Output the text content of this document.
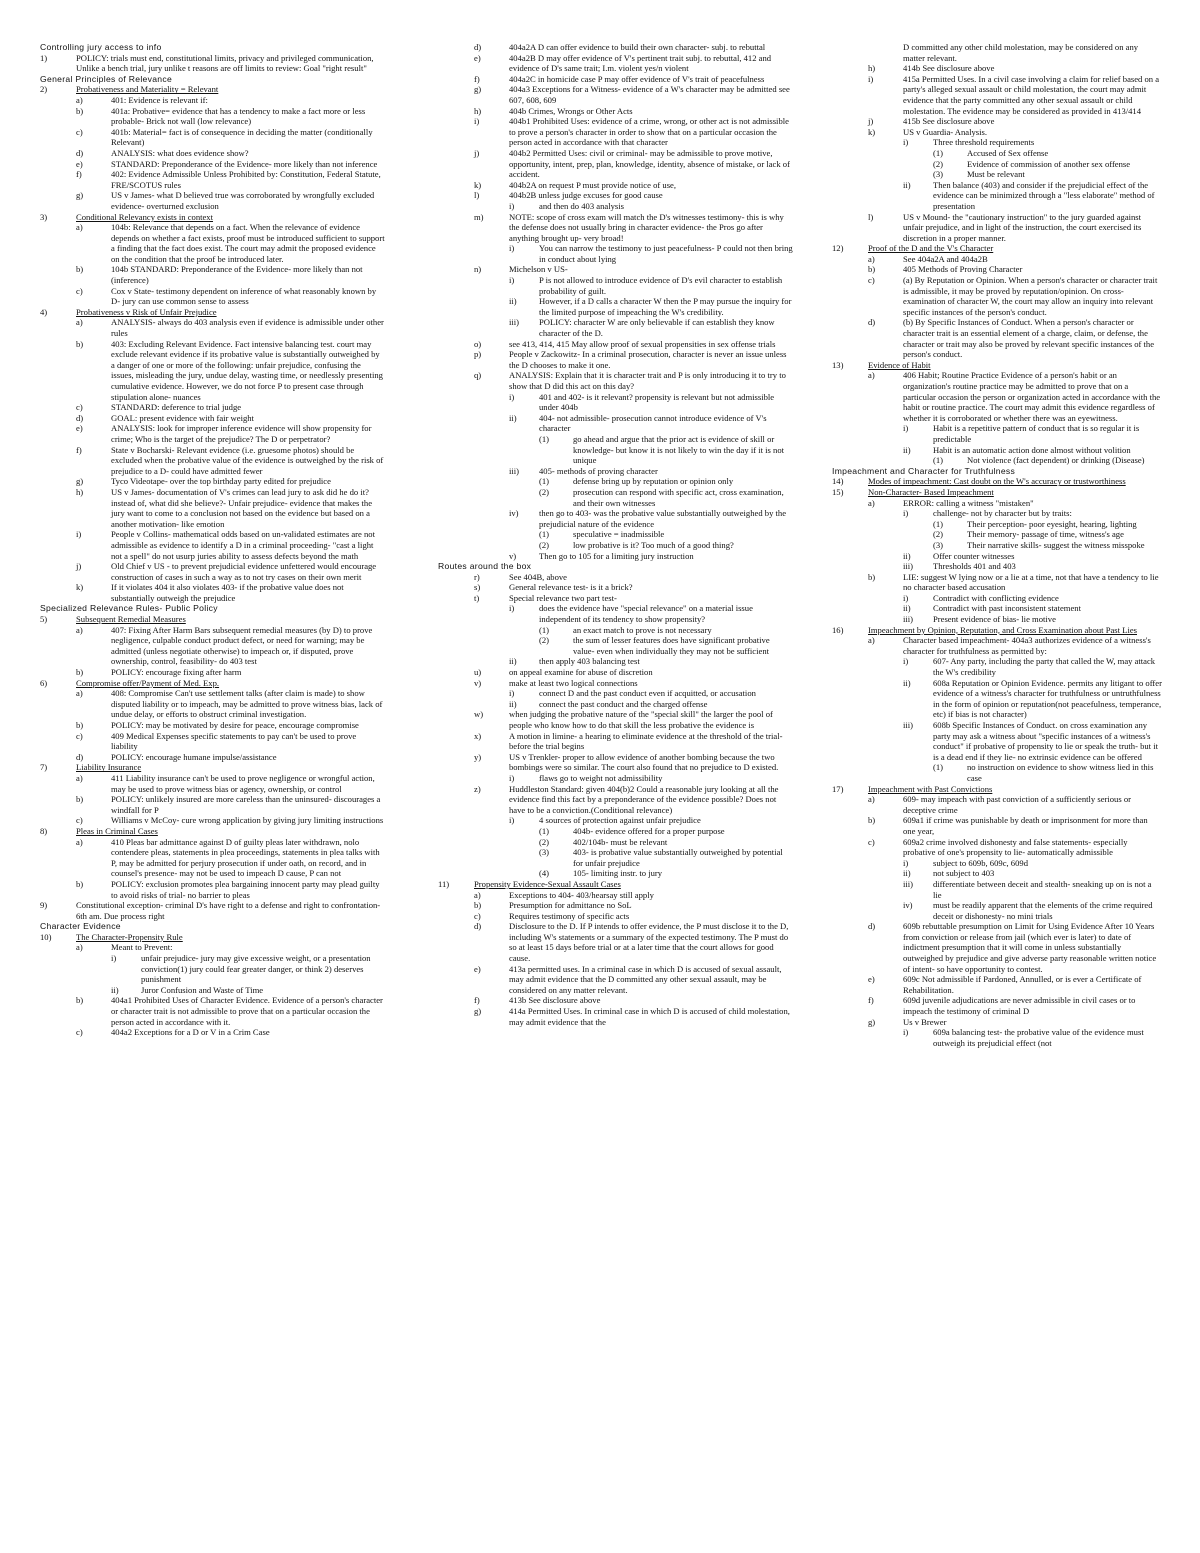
Controlling jury access to info
1)	POLICY: trials must end, constitutional limits, privacy and privileged communication, Unlike a bench trial, jury unlike t reasons are off limits to review: Goal "right result"
General Principles of Relevance
2)	Probativeness and Materiality = Relevant
a)	401: Evidence is relevant if:
b)	401a: Probative= evidence that has a tendency to make a fact more or less probable- Brick not wall (low relevance)
c)	401b: Material= fact is of consequence in deciding the matter (conditionally Relevant)
d)	ANALYSIS: what does evidence show?
e)	STANDARD: Preponderance of the Evidence- more likely than not inference
f)	402: Evidence Admissible Unless Prohibited by: Constitution, Federal Statute, FRE/SCOTUS rules
g)	US v James- what D believed true was corroborated by wrongfully excluded evidence- overturned exclusion
3)	Conditional Relevancy exists in context
a)	104b: Relevance that depends on a fact. When the relevance of evidence depends on whether a fact exists, proof must be introduced sufficient to support a finding that the fact does exist. The court may admit the proposed evidence on the condition that the proof be introduced later.
b)	104b STANDARD: Preponderance of the Evidence- more likely than not (inference)
c)	Cox v State- testimony dependent on inference of what reasonably known by D- jury can use common sense to assess
4)	Probativeness v Risk of Unfair Prejudice
a)	ANALYSIS- always do 403 analysis even if evidence is admissible under other rules
b)	403: Excluding Relevant Evidence. Fact intensive balancing test. court may exclude relevant evidence if its probative value is substantially outweighed by a danger of one or more of the following: unfair prejudice, confusing the issues, misleading the jury, undue delay, wasting time, or needlessly presenting cumulative evidence. However, we do not force P to present case through stipulation alone- nuances
c)	STANDARD: deference to trial judge
d)	GOAL: present evidence with fair weight
e)	ANALYSIS: look for improper inference evidence will show propensity for crime; Who is the target of the prejudice? The D or perpetrator?
f)	State v Bocharski- Relevant evidence (i.e. gruesome photos) should be excluded when the probative value of the evidence is outweighed by the risk of prejudice to a D- could have admitted fewer
g)	Tyco Videotape- over the top birthday party edited for prejudice
h)	US v James- documentation of V's crimes can lead jury to ask did he do it? instead of, what did she believe?- Unfair prejudice- evidence that makes the jury want to come to a conclusion not based on the evidence but based on a another motivation- like emotion
i)	People v Collins- mathematical odds based on un-validated estimates are not admissible as evidence to identify a D in a criminal proceeding- "cast a light not a spell" do not usurp juries ability to assess defects beyond the math
j)	Old Chief v US - to prevent prejudicial evidence unfettered would encourage construction of cases in such a way as to not try cases on their own merit
k)	If it violates 404 it also violates 403- if the probative value does not substantially outweigh the prejudice
Specialized Relevance Rules- Public Policy
5)	Subsequent Remedial Measures
a)	407: Fixing After Harm Bars subsequent remedial measures (by D) to prove negligence, culpable conduct product defect, or need for warning; may be admitted (unless negotiate otherwise) to impeach or, if disputed, prove ownership, control, feasibility- do 403 test
b)	POLICY: encourage fixing after harm
6)	Compromise offer/Payment of Med. Exp.
a)	408: Compromise Can't use settlement talks (after claim is made) to show disputed liability or to impeach, may be admitted to prove witness bias, lack of undue delay, or efforts to obstruct criminal investigation.
b)	POLICY: may be motivated by desire for peace, encourage compromise
c)	409 Medical Expenses specific statements to pay can't be used to prove liability
d)	POLICY: encourage humane impulse/assistance
7)	Liability Insurance
a)	411 Liability insurance can't be used to prove negligence or wrongful action, may be used to prove witness bias or agency, ownership, or control
b)	POLICY: unlikely insured are more careless than the uninsured- discourages a windfall for P
c)	Williams v McCoy- cure wrong application by giving jury limiting instructions
8)	Pleas in Criminal Cases
a)	410 Pleas bar admittance against D of guilty pleas later withdrawn, nolo contendere pleas, statements in plea proceedings, statements in plea talks with P, may be admitted for perjury prosecution if under oath, on record, and in counsel's presence- may not be used to impeach D cause, P can not
b)	POLICY: exclusion promotes plea bargaining innocent party may plead guilty to avoid risks of trial- no barrier to pleas
9)	Constitutional exception- criminal D's have right to a defense and right to confrontation- 6th am. Due process right
Character Evidence
10)	The Character-Propensity Rule
a)	Meant to Prevent:
i)	unfair prejudice- jury may give excessive weight, or a presentation conviction(1) jury could fear greater danger, or think 2) deserves punishment
ii)	Juror Confusion and Waste of Time
b)	404a1 Prohibited Uses of Character Evidence. Evidence of a person's character or character trait is not admissible to prove that on a particular occasion the person acted in accordance with it.
c)	404a2 Exceptions for a D or V in a Crim Case
d)	404a2A D can offer evidence to build their own character- subj. to rebuttal
e)	404a2B D may offer evidence of V's pertinent trait subj. to rebuttal, 412 and evidence of D's same trait; I.m. violent yes/n violent
f)	404a2C in homicide case P may offer evidence of V's trait of peacefulness
g)	404a3 Exceptions for a Witness- evidence of a W's character may be admitted see 607, 608, 609
h)	404b Crimes, Wrongs or Other Acts
i)	404b1 Prohibited Uses: evidence of a crime, wrong, or other act is not admissible to prove a person's character in order to show that on a particular occasion the person acted in accordance with that character
j)	404b2 Permitted Uses: civil or criminal- may be admissible to prove motive, opportunity, intent, prep, plan, knowledge, identity, absence of mistake, or lack of accident.
k)	404b2A on request P must provide notice of use,
l)	404b2B unless judge excuses for good cause
i)	and then do 403 analysis
m)	NOTE: scope of cross exam will match the D's witnesses testimony- this is why the defense does not usually bring in character evidence- the Pros go after anything brought up- very broad!
i)	You can narrow the testimony to just peacefulness- P could not then bring in conduct about lying
n)	Michelson v US-
i)	P is not allowed to introduce evidence of D's evil character to establish probability of guilt.
ii)	However, if a D calls a character W then the P may pursue the inquiry for the limited purpose of impeaching the W's credibility.
iii)	POLICY: character W are only believable if can establish they know character of the D.
o)	see 413, 414, 415 May allow proof of sexual propensities in sex offense trials
p)	People v Zackowitz- In a criminal prosecution, character is never an issue unless the D chooses to make it one.
q)	ANALYSIS: Explain that it is character trait and P is only introducing it to try to show that D did this act on this day?
i)	401 and 402- is it relevant? propensity is relevant but not admissible under 404b
ii)	404- not admissible- prosecution cannot introduce evidence of V's character
(1)	go ahead and argue that the prior act is evidence of skill or knowledge- but know it is not likely to win the day if it is not unique
iii)	405- methods of proving character
(1)	defense bring up by reputation or opinion only
(2)	prosecution can respond with specific act, cross examination, and their own witnesses
iv)	then go to 403- was the probative value substantially outweighed by the prejudicial nature of the evidence
(1)	speculative = inadmissible
(2)	low probative is it? Too much of a good thing?
v)	Then go to 105 for a limiting jury instruction
Routes around the box
r)	See 404B, above
s)	General relevance test- is it a brick?
t)	Special relevance two part test-
i)	does the evidence have "special relevance" on a material issue independent of its tendency to show propensity?
(1)	an exact match to prove is not necessary
(2)	the sum of lesser features does have significant probative value- even when individually they may not be sufficient
ii)	then apply 403 balancing test
u)	on appeal examine for abuse of discretion
v)	make at least two logical connections
i)	connect D and the past conduct even if acquitted, or accusation
ii)	connect the past conduct and the charged offense
w)	when judging the probative nature of the "special skill" the larger the pool of people who know how to do that skill the less probative the evidence is
x)	A motion in limine- a hearing to eliminate evidence at the threshold of the trial- before the trial begins
y)	US v Trenkler- proper to allow evidence of another bombing because the two bombings were so similar. The court also found that no prejudice to D existed.
i)	flaws go to weight not admissibility
z)	Huddleston Standard: given 404(b)2 Could a reasonable jury looking at all the evidence find this fact by a preponderance of the evidence possible? Does not have to be a conviction.(Conditional relevance)
i)	4 sources of protection against unfair prejudice
(1)	404b- evidence offered for a proper purpose
(2)	402/104b- must be relevant
(3)	403- is probative value substantially outweighed by potential for unfair prejudice
(4)	105- limiting instr. to jury
11)	Propensity Evidence-Sexual Assault Cases
a)	Exceptions to 404- 403/hearsay still apply
b)	Presumption for admittance no SoL
c)	Requires testimony of specific acts
d)	Disclosure to the D. If P intends to offer evidence, the P must disclose it to the D, including W's statements or a summary of the expected testimony. The P must do so at least 15 days before trial or at a later time that the court allows for good cause.
e)	413a permitted uses. In a criminal case in which D is accused of sexual assault, may admit evidence that the D committed any other sexual assault, may be considered on any matter relevant.
f)	413b See disclosure above
g)	414a Permitted Uses. In criminal case in which D is accused of child molestation, may admit evidence that the
D committed any other child molestation, may be considered on any matter relevant.
h)	414b See disclosure above
i)	415a Permitted Uses. In a civil case involving a claim for relief based on a party's alleged sexual assault or child molestation, the court may admit evidence that the party committed any other sexual assault or child molestation. The evidence may be considered as provided in 413/414
j)	415b See disclosure above
k)	US v Guardia- Analysis.
i)	Three threshold requirements
(1)	Accused of Sex offense
(2)	Evidence of commission of another sex offense
(3)	Must be relevant
ii)	Then balance (403) and consider if the prejudicial effect of the evidence can be minimized through a "less elaborate" method of presentation
l)	US v Mound- the "cautionary instruction" to the jury guarded against unfair prejudice, and in light of the instruction, the court exercised its discretion in a proper manner.
12)	Proof of the D and the V's Character
a)	See 404a2A and 404a2B
b)	405 Methods of Proving Character
c)	(a) By Reputation or Opinion. When a person's character or character trait is admissible, it may be proved by reputation/opinion. On cross-examination of character W, the court may allow an inquiry into relevant specific instances of the person's conduct.
d)	(b) By Specific Instances of Conduct. When a person's character or character trait is an essential element of a charge, claim, or defense, the character or trait may also be proved by relevant specific instances of the person's conduct.
13)	Evidence of Habit
a)	406 Habit; Routine Practice Evidence of a person's habit or an organization's routine practice may be admitted to prove that on a particular occasion the person or organization acted in accordance with the habit or routine practice. The court may admit this evidence regardless of whether it is corroborated or whether there was an eyewitness.
i)	Habit is a repetitive pattern of conduct that is so regular it is predictable
ii)	Habit is an automatic action done almost without volition
(1)	Not violence (fact dependent) or drinking (Disease)
Impeachment and Character for Truthfulness
14)	Modes of impeachment: Cast doubt on the W's accuracy or trustworthiness
15)	Non-Character- Based Impeachment
a)	ERROR: calling a witness "mistaken"
i)	challenge- not by character but by traits:
(1)	Their perception- poor eyesight, hearing, lighting
(2)	Their memory- passage of time, witness's age
(3)	Their narrative skills- suggest the witness misspoke
ii)	Offer counter witnesses
iii)	Thresholds 401 and 403
b)	LIE: suggest W lying now or a lie at a time, not that have a tendency to lie no character based accusation
i)	Contradict with conflicting evidence
ii)	Contradict with past inconsistent statement
iii)	Present evidence of bias- lie motive
16)	Impeachment by Opinion, Reputation, and Cross Examination about Past Lies
a)	Character based impeachment- 404a3 authorizes evidence of a witness's character for truthfulness as permitted by:
i)	607- Any party, including the party that called the W, may attack the W's credibility
ii)	608a Reputation or Opinion Evidence. permits any litigant to offer evidence of a witness's character for truthfulness or untruthfulness in the form of opinion or reputation(not peacefulness, temperance, etc) if bias is not character)
iii)	608b Specific Instances of Conduct. on cross examination any party may ask a witness about "specific instances of a witness's conduct" if probative of propensity to lie or speak the truth- but it is a dead end if they lie- no extrinsic evidence can be offered
(1)	no instruction on evidence to show witness lied in this case
17)	Impeachment with Past Convictions
a)	609- may impeach with past conviction of a sufficiently serious or deceptive crime
b)	609a1 if crime was punishable by death or imprisonment for more than one year,
c)	609a2 crime involved dishonesty and false statements- especially probative of one's propensity to lie- automatically admissible
i)	subject to 609b, 609c, 609d
ii)	not subject to 403
iii)	differentiate between deceit and stealth- sneaking up on is not a lie
iv)	must be readily apparent that the elements of the crime required deceit or dishonesty- no mini trials
d)	609b rebuttable presumption on Limit for Using Evidence After 10 Years from conviction or release from jail (which ever is later) to date of indictment presumption that it will come in unless substantially outweighed by prejudice and give adverse party reasonable written notice of intent- so have opportunity to contest.
e)	609c Not admissible if Pardoned, Annulled, or is ever a Certificate of Rehabilitation.
f)	609d juvenile adjudications are never admissible in civil cases or to impeach the testimony of criminal D
g)	Us v Brewer
i)	609a balancing test- the probative value of the evidence must outweigh its prejudicial effect (not
